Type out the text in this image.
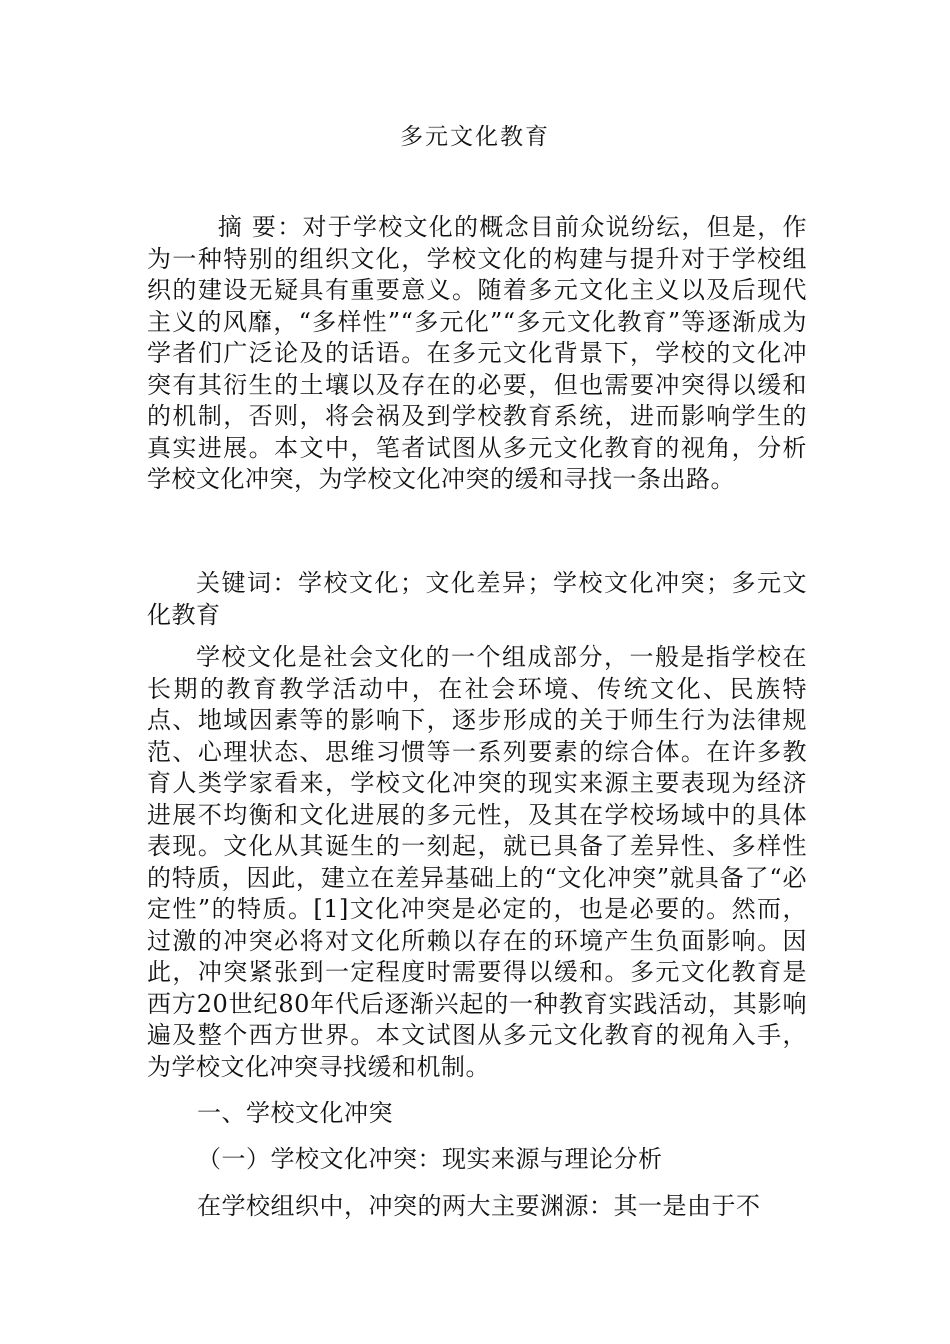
多元文化教育
摘 要：对于学校文化的概念目前众说纷纭，但是，作为一种特别的组织文化，学校文化的构建与提升对于学校组织的建设无疑具有重要意义。随着多元文化主义以及后现代主义的风靡，“多样性”“多元化”“多元文化教育”等逐渐成为学者们广泛论及的话语。在多元文化背景下，学校的文化冲突有其衍生的土壤以及存在的必要，但也需要冲突得以缓和的机制，否则，将会祸及到学校教育系统，进而影响学生的真实进展。本文中，笔者试图从多元文化教育的视角，分析学校文化冲突，为学校文化冲突的缓和寻找一条出路。
关键词：学校文化；文化差异；学校文化冲突；多元文化教育
学校文化是社会文化的一个组成部分，一般是指学校在长期的教育教学活动中，在社会环境、传统文化、民族特点、地域因素等的影响下，逐步形成的关于师生行为法律规范、心理状态、思维习惯等一系列要素的综合体。在许多教育人类学家看来，学校文化冲突的现实来源主要表现为经济进展不均衡和文化进展的多元性，及其在学校场域中的具体表现。文化从其诞生的一刻起，就已具备了差异性、多样性的特质，因此，建立在差异基础上的“文化冲突”就具备了“必定性”的特质。[1]文化冲突是必定的，也是必要的。然而，过激的冲突必将对文化所赖以存在的环境产生负面影响。因此，冲突紧张到一定程度时需要得以缓和。多元文化教育是西方20世纪80年代后逐渐兴起的一种教育实践活动，其影响遍及整个西方世界。本文试图从多元文化教育的视角入手，为学校文化冲突寻找缓和机制。
一、学校文化冲突
（一）学校文化冲突：现实来源与理论分析
在学校组织中，冲突的两大主要渊源：其一是由于不
